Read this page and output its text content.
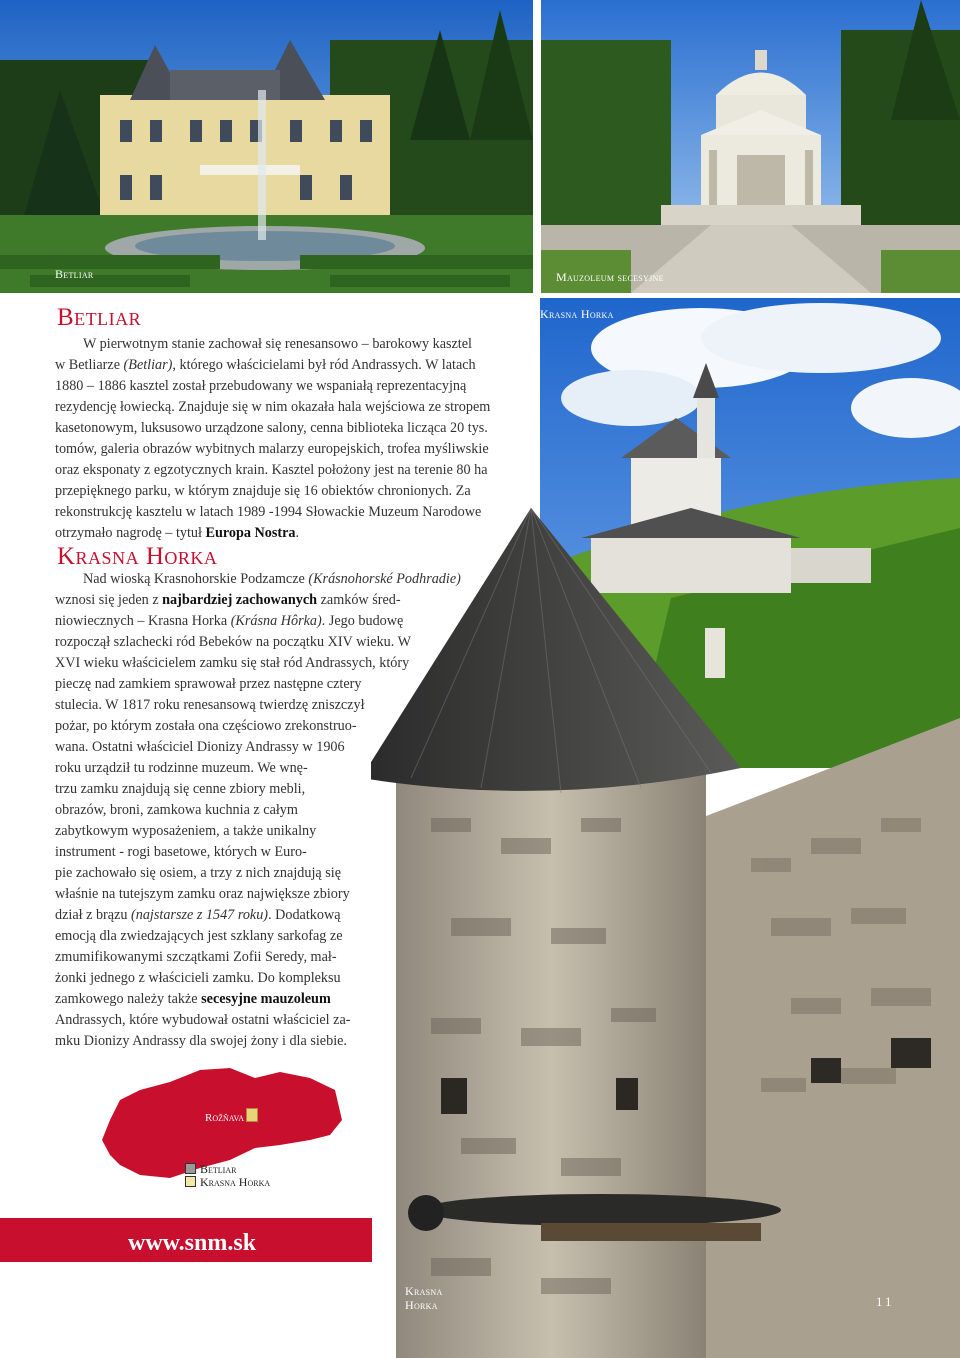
Betliar	Mauzoleum secesyjne
Krasna Horka
Betliar

W pierwotnym stanie zachował się renesansowo – barokowy kasztel
w Betliarze (Betliar), którego właścicielami był ród Andrassych. W latach
1880 – 1886 kasztel został przebudowany we wspaniałą reprezentacyjną
rezydencję łowiecką. Znajduje się w nim okazała hala wejściowa ze stropem
kasetonowym, luksusowo urządzone salony, cenna biblioteka licząca 20 tys.
tomów, galeria obrazów wybitnych malarzy europejskich, trofea myśliwskie
oraz eksponaty z egzotycznych krain. Kasztel położony jest na terenie 80 ha
przepięknego parku, w którym znajduje się 16 obiektów chronionych. Za
rekonstrukcję kasztelu w latach 1989 -1994 Słowackie Muzeum Narodowe
otrzymało nagrodę – tytuł Europa Nostra.

Krasna Horka

Nad wioską Krasnohorskie Podzamcze (Krásnohorské Podhradie)
wznosi się jeden z najbardziej zachowanych zamków śred-
niowiecznych – Krasna Horka (Krásna Hôrka). Jego budowę
rozpoczął szlachecki ród Bebeków na początku XIV wieku. W
XVI wieku właścicielem zamku się stał ród Andrassych, który
pieczę nad zamkiem sprawował przez następne cztery
stulecia. W 1817 roku renesansową twierdzę zniszczył
pożar, po którym została ona częściowo zrekonstruo-
wana. Ostatni właściciel Dionizy Andrassy w 1906
roku urządził tu rodzinne muzeum. We wnę-
trzu zamku znajdują się cenne zbiory mebli,
obrazów, broni, zamkowa kuchnia z całym
zabytkowym wyposażeniem, a także unikalny
instrument - rogi basetowe, których w Euro-
pie zachowało się osiem, a trzy z nich znajdują się
właśnie na tutejszym zamku oraz największe zbiory
dział z brązu (najstarsze z 1547 roku). Dodatkową
emocją dla zwiedzających jest szklany sarkofag ze
zmumifikowanymi szczątkami Zofii Seredy, mał-
żonki jednego z właścicieli zamku. Do kompleksu
zamkowego należy także secesyjne mauzoleum
Andrassych, które wybudował ostatni właściciel za-
mku Dionizy Andrassy dla swojej żony i dla siebie.

Rožňava
Betliar
Krasna Horka
www.snm.sk
Krasna
Horka	11
